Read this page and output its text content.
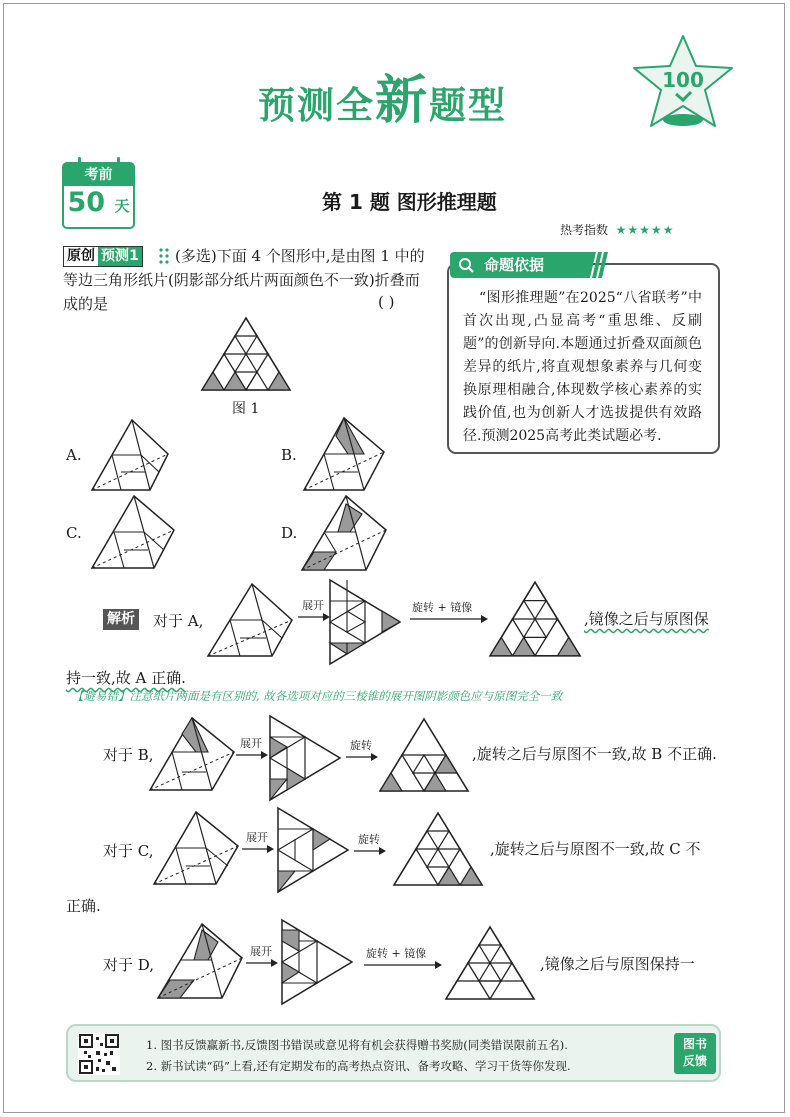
预测全新题型
100
考前
50 天	第 1 题 图形推理题
热考指数 ★★★★★
(多选)下面 4 个图形中,是由图 1 中的等边三角形纸片(阴影部分纸片两面颜色不一致)折叠而成的是
原创 预测1
( )
图 1
A.	B.
C.	D.
“图形推理题”在2025“八省联考”中首次出现,凸显高考“重思维、反刷题”的创新导向.本题通过折叠双面颜色差异的纸片,将直观想象素养与几何变换原理相融合,体现数学核心素养的实践价值,也为创新人才选拔提供有效路径.预测2025高考此类试题必考.
命题依据
解析 对于 A,
展开	旋转 + 镜像
,镜像之后与原图保
持一致,故 A 正确.
【避易错】注意纸片两面是有区别的, 故各选项对应的三棱锥的展开图阴影颜色应与原图完全一致
对于 B,
展开	旋转	,旋转之后与原图不一致,故 B 不正确.
对于 C,
展开	旋转
,旋转之后与原图不一致,故 C 不
正确.
对于 D,
展开	旋转 + 镜像
,镜像之后与原图保持一
1. 图书反馈赢新书,反馈图书错误或意见将有机会获得赠书奖励(同类错误限前五名).
2. 新书试读“码”上看,还有定期发布的高考热点资讯、备考攻略、学习干货等你发现.
图书
反馈
